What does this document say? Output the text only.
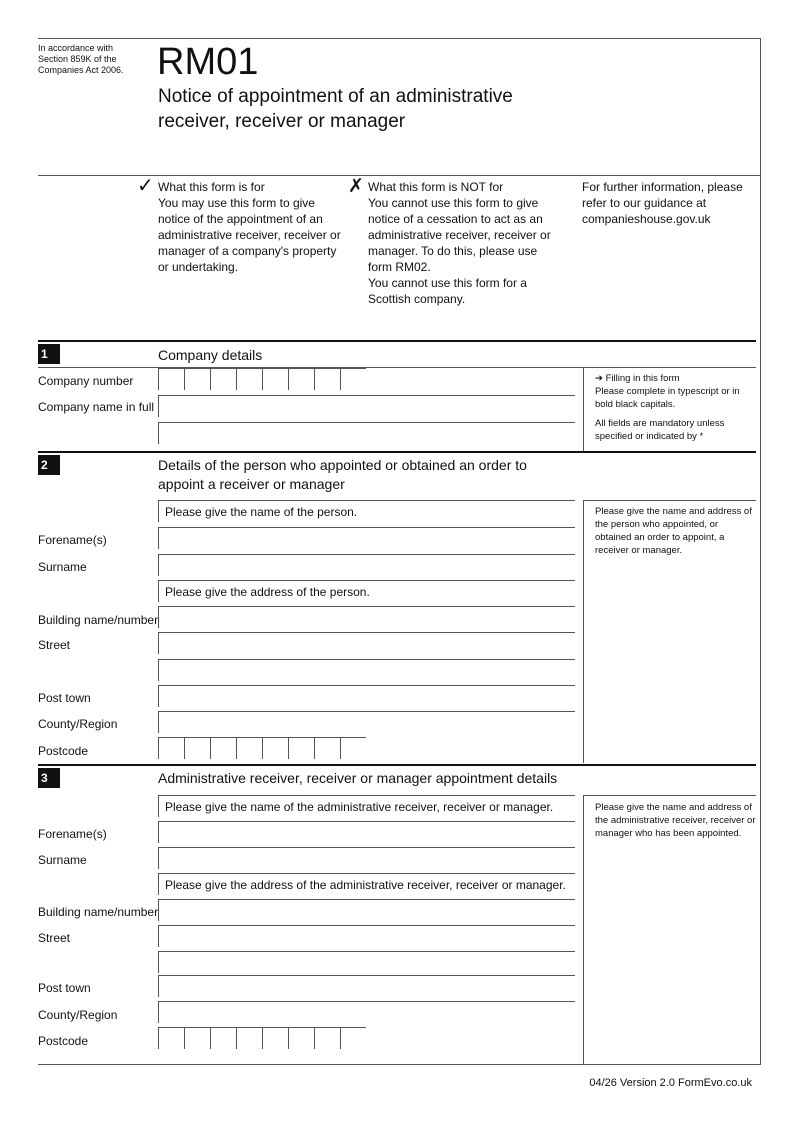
In accordance with Section 859K of the Companies Act 2006. RM01
Notice of appointment of an administrative receiver, receiver or manager
✓ What this form is for

You may use this form to give notice of the appointment of an administrative receiver, receiver or manager of a company's property or undertaking.

✗ What this form is NOT for

You cannot use this form to give notice of a cessation to act as an administrative receiver, receiver or manager. To do this, please use form RM02.

You cannot use this form for a Scottish company.

For further information, please refer to our guidance at companieshouse.gov.uk

1	Company details
Company number
Company name in full

➔ Filling in this form

Please complete in typescript or in bold black capitals.

All fields are mandatory unless specified or indicated by *

2	Details of the person who appointed or obtained an order to appoint a receiver or manager
Please give the name of the person.
Forename(s)
Surname
Please give the address of the person.
Building name/number
Street
Post town
County/Region
Postcode

Please give the name and address of the person who appointed, or obtained an order to appoint, a receiver or manager.

3	Administrative receiver, receiver or manager appointment details
Please give the name of the administrative receiver, receiver or manager.
Forename(s)
Surname
Please give the address of the administrative receiver, receiver or manager.
Building name/number
Street
Post town
County/Region
Postcode

Please give the name and address of the administrative receiver, receiver or manager who has been appointed.

04/26 Version 2.0 FormEvo.co.uk
